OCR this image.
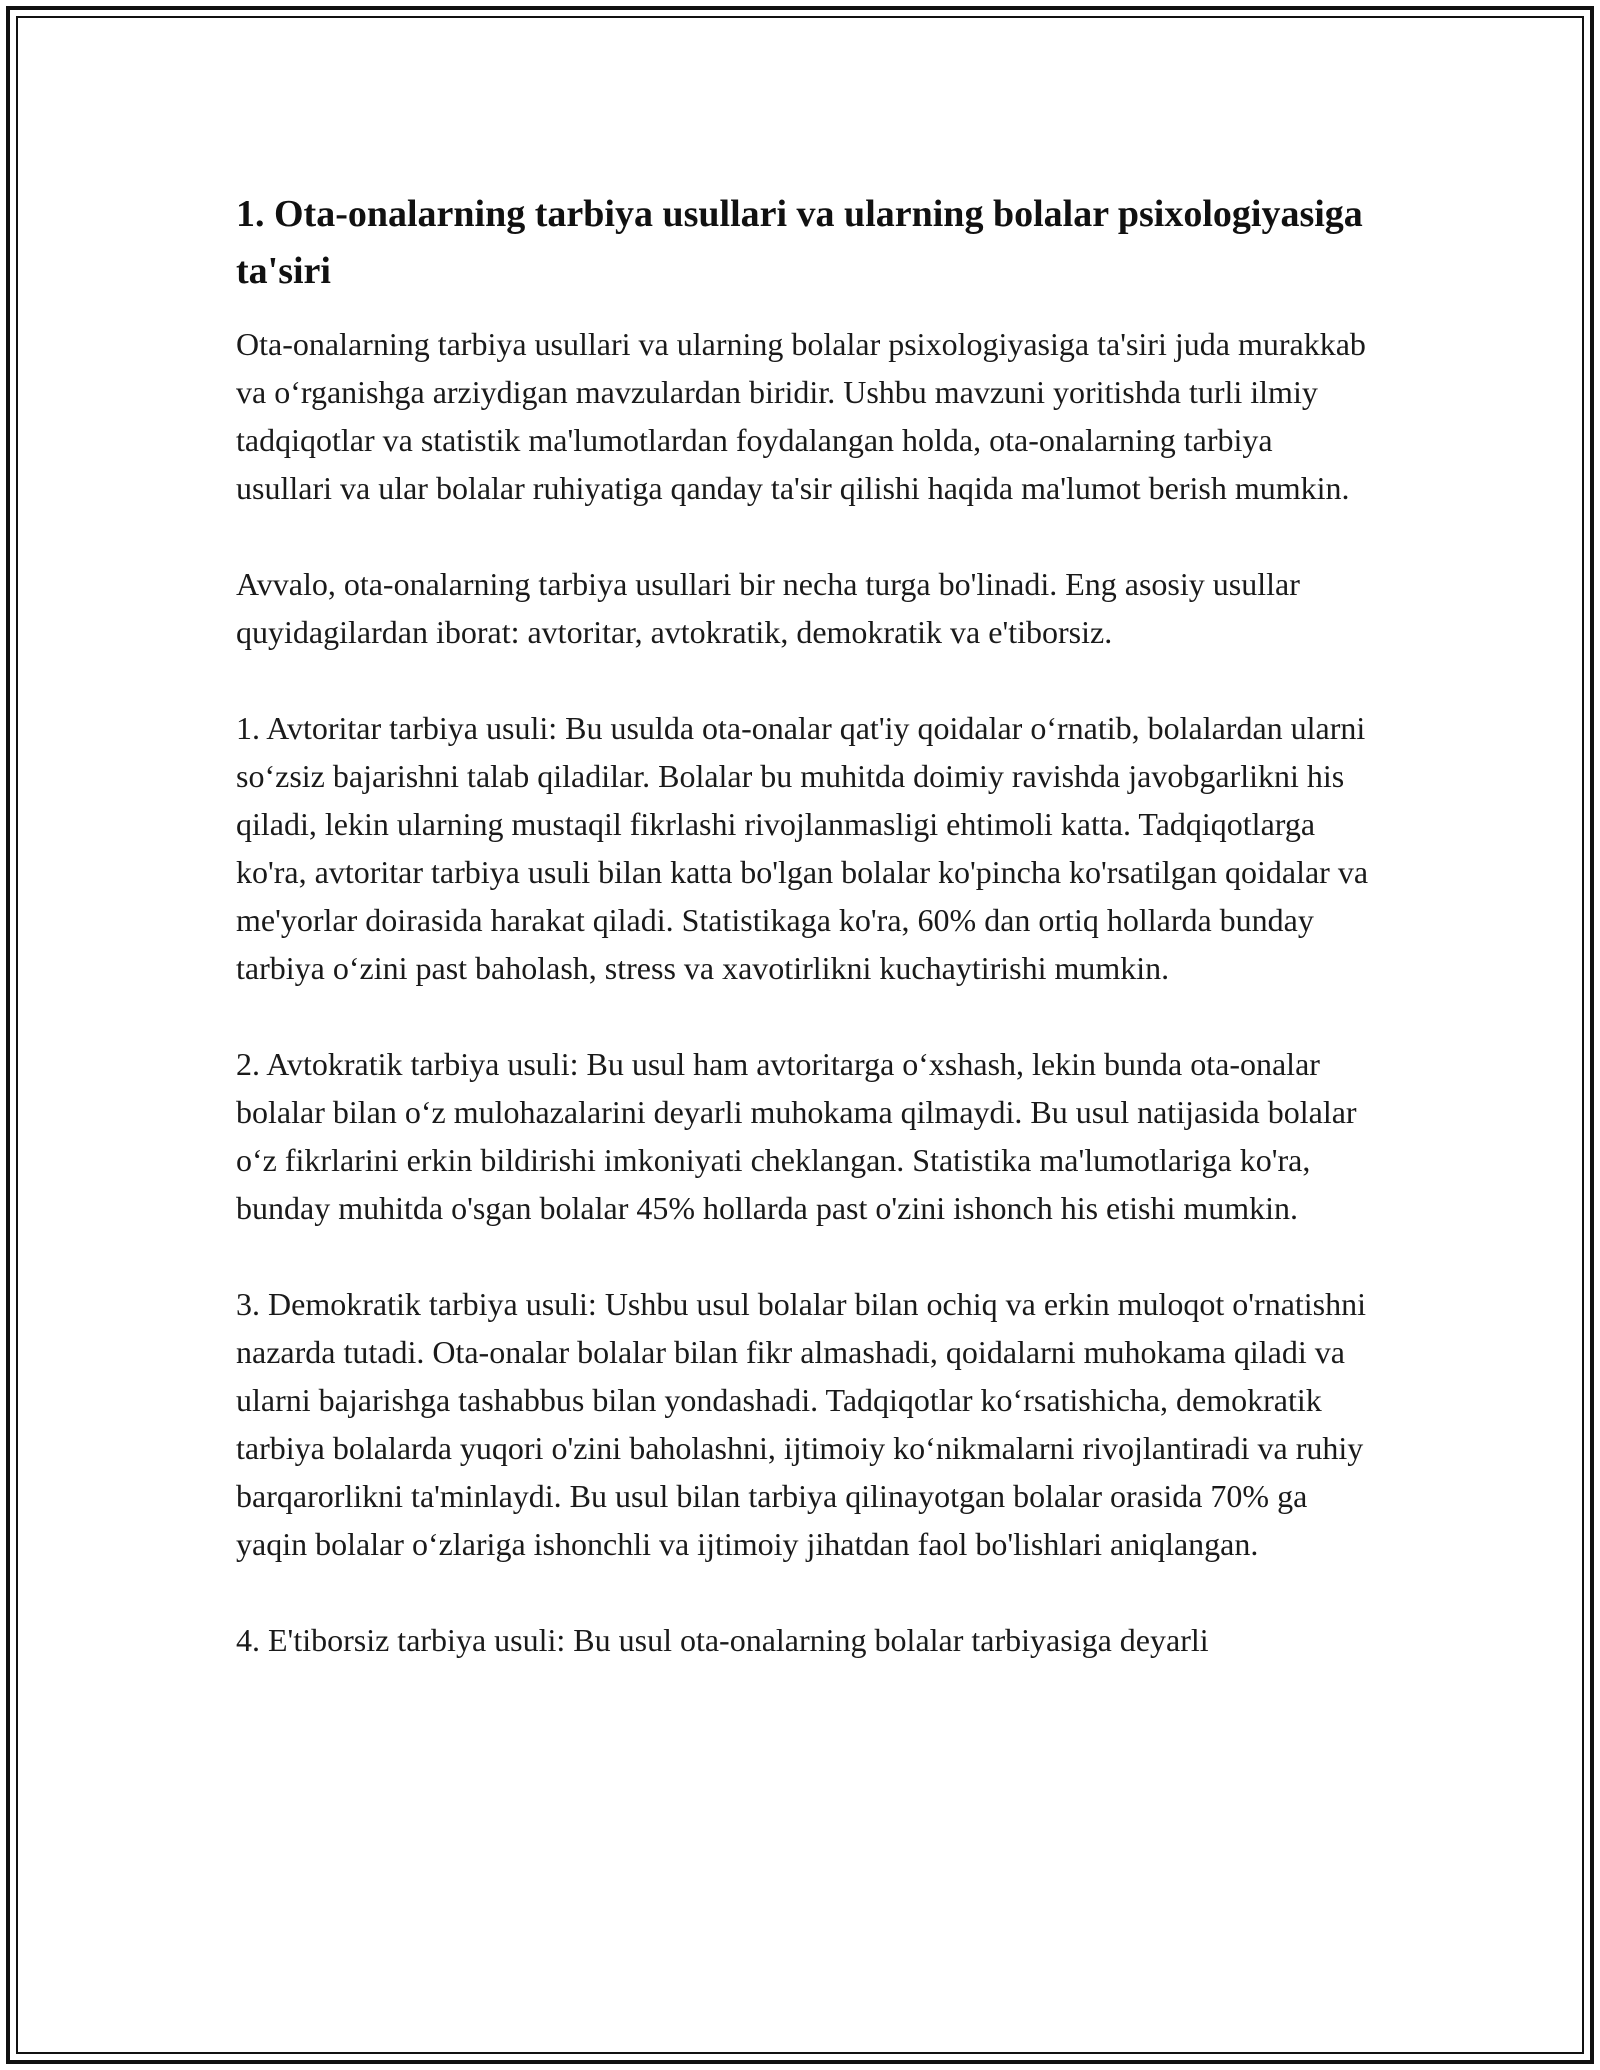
1. Ota-onalarning tarbiya usullari va ularning bolalar psixologiyasiga ta'siri

Ota-onalarning tarbiya usullari va ularning bolalar psixologiyasiga ta'siri juda murakkab va o‘rganishga arziydigan mavzulardan biridir. Ushbu mavzuni yoritishda turli ilmiy tadqiqotlar va statistik ma'lumotlardan foydalangan holda, ota-onalarning tarbiya usullari va ular bolalar ruhiyatiga qanday ta'sir qilishi haqida ma'lumot berish mumkin.

Avvalo, ota-onalarning tarbiya usullari bir necha turga bo'linadi. Eng asosiy usullar quyidagilardan iborat: avtoritar, avtokratik, demokratik va e'tiborsiz.

1. Avtoritar tarbiya usuli: Bu usulda ota-onalar qat'iy qoidalar o‘rnatib, bolalardan ularni so‘zsiz bajarishni talab qiladilar. Bolalar bu muhitda doimiy ravishda javobgarlikni his qiladi, lekin ularning mustaqil fikrlashi rivojlanmasligi ehtimoli katta. Tadqiqotlarga ko'ra, avtoritar tarbiya usuli bilan katta bo'lgan bolalar ko'pincha ko'rsatilgan qoidalar va me'yorlar doirasida harakat qiladi. Statistikaga ko'ra, 60% dan ortiq hollarda bunday tarbiya o‘zini past baholash, stress va xavotirlikni kuchaytirishi mumkin.

2. Avtokratik tarbiya usuli: Bu usul ham avtoritarga o‘xshash, lekin bunda ota-onalar bolalar bilan o‘z mulohazalarini deyarli muhokama qilmaydi. Bu usul natijasida bolalar o‘z fikrlarini erkin bildirishi imkoniyati cheklangan. Statistika ma'lumotlariga ko'ra, bunday muhitda o'sgan bolalar 45% hollarda past o'zini ishonch his etishi mumkin.

3. Demokratik tarbiya usuli: Ushbu usul bolalar bilan ochiq va erkin muloqot o'rnatishni nazarda tutadi. Ota-onalar bolalar bilan fikr almashadi, qoidalarni muhokama qiladi va ularni bajarishga tashabbus bilan yondashadi. Tadqiqotlar ko‘rsatishicha, demokratik tarbiya bolalarda yuqori o'zini baholashni, ijtimoiy ko‘nikmalarni rivojlantiradi va ruhiy barqarorlikni ta'minlaydi. Bu usul bilan tarbiya qilinayotgan bolalar orasida 70% ga yaqin bolalar o‘zlariga ishonchli va ijtimoiy jihatdan faol bo'lishlari aniqlangan.

4. E'tiborsiz tarbiya usuli: Bu usul ota-onalarning bolalar tarbiyasiga deyarli
